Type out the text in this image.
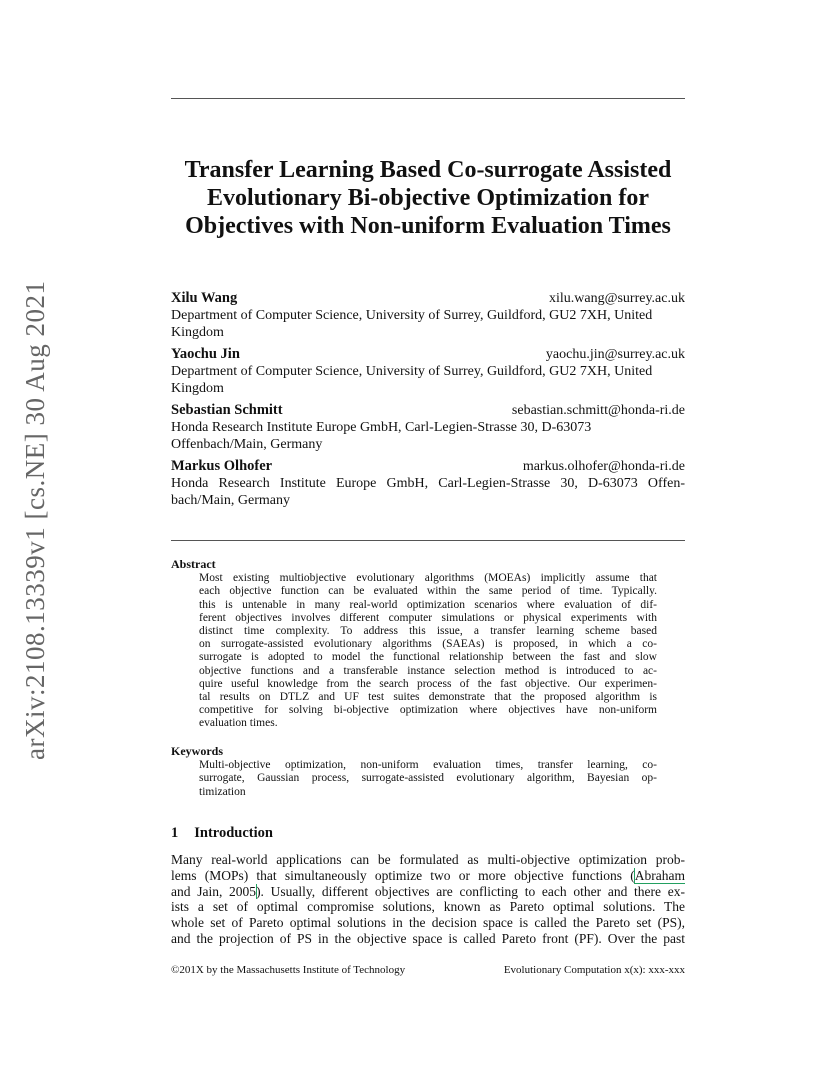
arXiv:2108.13339v1 [cs.NE] 30 Aug 2021
Transfer Learning Based Co-surrogate Assisted
Evolutionary Bi-objective Optimization for
Objectives with Non-uniform Evaluation Times
Xilu Wang	xilu.wang@surrey.ac.uk
Department of Computer Science, University of Surrey, Guildford, GU2 7XH, United
Kingdom
Yaochu Jin	yaochu.jin@surrey.ac.uk
Department of Computer Science, University of Surrey, Guildford, GU2 7XH, United
Kingdom
Sebastian Schmitt	sebastian.schmitt@honda-ri.de
Honda Research Institute Europe GmbH, Carl-Legien-Strasse 30, D-63073
Offenbach/Main, Germany
Markus Olhofer	markus.olhofer@honda-ri.de
Honda Research Institute Europe GmbH, Carl-Legien-Strasse 30, D-63073 Offen-
bach/Main, Germany
Abstract
Most existing multiobjective evolutionary algorithms (MOEAs) implicitly assume that
each objective function can be evaluated within the same period of time. Typically.
this is untenable in many real-world optimization scenarios where evaluation of dif-
ferent objectives involves different computer simulations or physical experiments with
distinct time complexity. To address this issue, a transfer learning scheme based
on surrogate-assisted evolutionary algorithms (SAEAs) is proposed, in which a co-
surrogate is adopted to model the functional relationship between the fast and slow
objective functions and a transferable instance selection method is introduced to ac-
quire useful knowledge from the search process of the fast objective. Our experimen-
tal results on DTLZ and UF test suites demonstrate that the proposed algorithm is
competitive for solving bi-objective optimization where objectives have non-uniform
evaluation times.
Keywords
Multi-objective optimization, non-uniform evaluation times, transfer learning, co-
surrogate, Gaussian process, surrogate-assisted evolutionary algorithm, Bayesian op-
timization
1 Introduction
Many real-world applications can be formulated as multi-objective optimization prob-
lems (MOPs) that simultaneously optimize two or more objective functions (Abraham
and Jain, 2005). Usually, different objectives are conflicting to each other and there ex-
ists a set of optimal compromise solutions, known as Pareto optimal solutions. The
whole set of Pareto optimal solutions in the decision space is called the Pareto set (PS),
and the projection of PS in the objective space is called Pareto front (PF). Over the past
©201X by the Massachusetts Institute of Technology	Evolutionary Computation x(x): xxx-xxx
